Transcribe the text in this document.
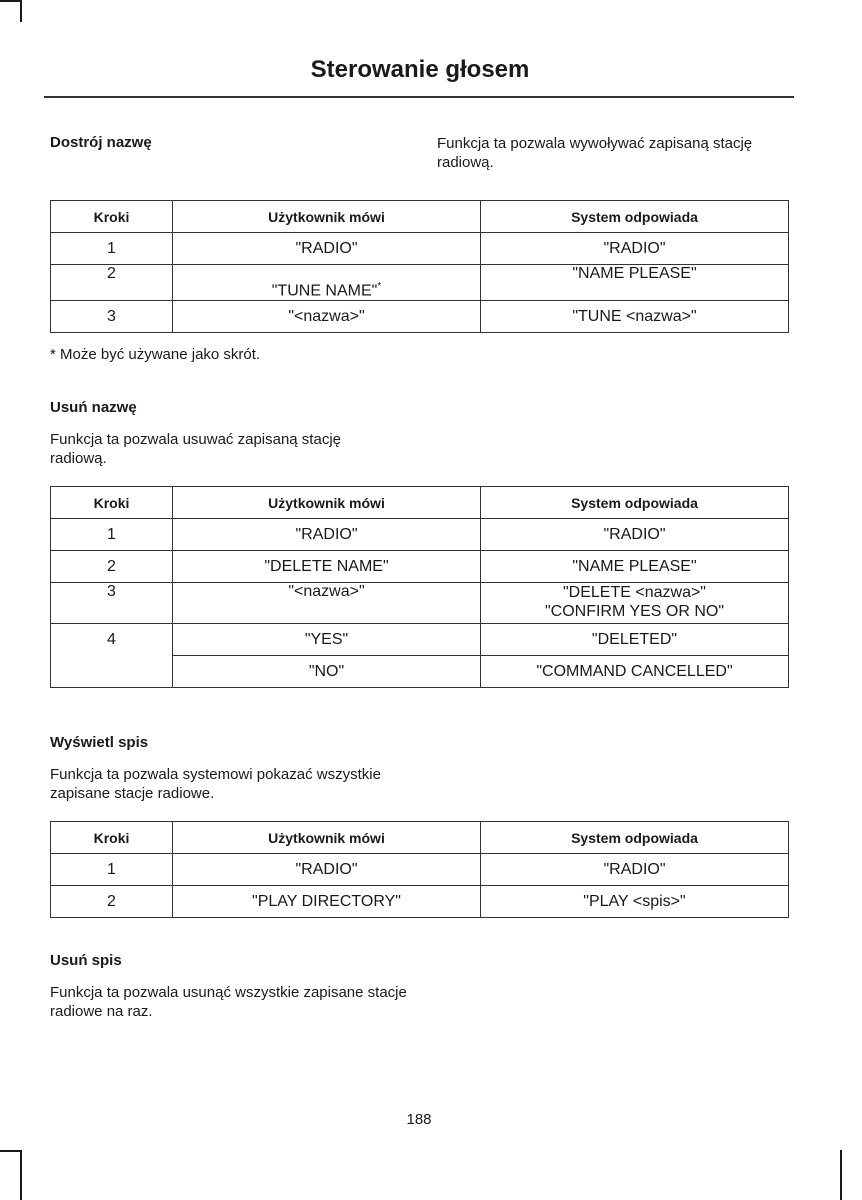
Sterowanie głosem
Dostrój nazwę	Funkcja ta pozwala wywoływać zapisaną stację radiową.
Kroki	Użytkownik mówi	System odpowiada
1	"RADIO"	"RADIO"
2	"TUNE NAME"*	"NAME PLEASE"
3	"<nazwa>"	"TUNE <nazwa>"
* Może być używane jako skrót.
Usuń nazwę
Funkcja ta pozwala usuwać zapisaną stację radiową.
Kroki	Użytkownik mówi	System odpowiada
1	"RADIO"	"RADIO"
2	"DELETE NAME"	"NAME PLEASE"
3	"<nazwa>"	"DELETE <nazwa>"
"CONFIRM YES OR NO"

4	"YES"	"DELETED"
	"NO"	"COMMAND CANCELLED"
Wyświetl spis
Funkcja ta pozwala systemowi pokazać wszystkie zapisane stacje radiowe.
Kroki	Użytkownik mówi	System odpowiada
1	"RADIO"	"RADIO"
2	"PLAY DIRECTORY"	"PLAY <spis>"
Usuń spis
Funkcja ta pozwala usunąć wszystkie zapisane stacje radiowe na raz.
188
